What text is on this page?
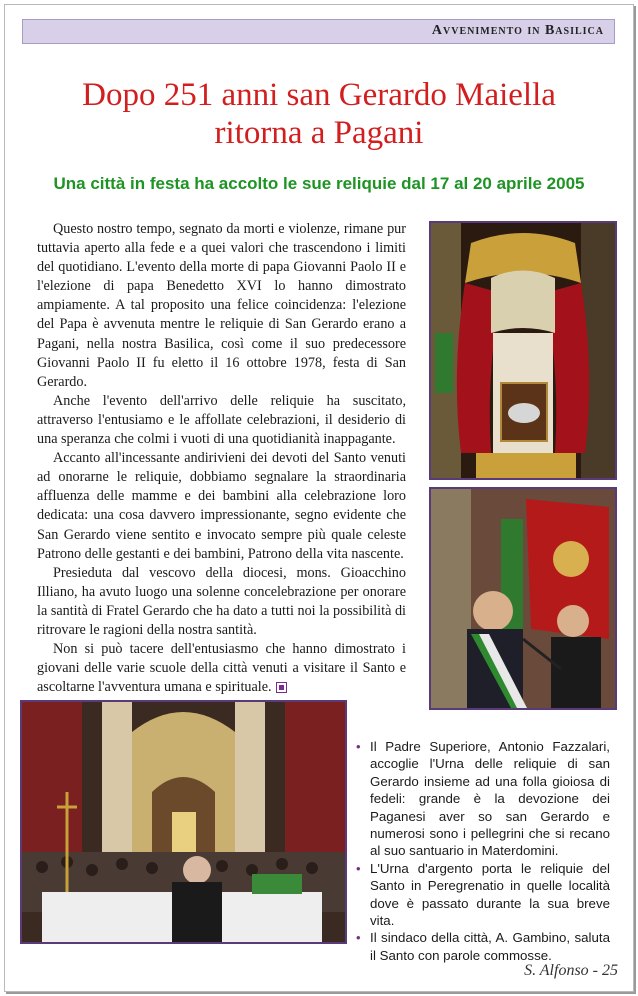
Avvenimento in Basilica
Dopo 251 anni san Gerardo Maiella
ritorna a Pagani
Una città in festa ha accolto le sue reliquie dal 17 al 20 aprile 2005

Questo nostro tempo, segnato da morti e violenze, rimane pur tuttavia aperto alla fede e a quei valori che trascendono i limiti del quotidiano. L'evento della morte di papa Giovanni Paolo II e l'elezione di papa Benedetto XVI lo hanno dimostrato ampiamente. A tal proposito una felice coincidenza: l'elezione del Papa è avvenuta mentre le reliquie di San Gerardo erano a Pagani, nella nostra Basilica, così come il suo predecessore Giovanni Paolo II fu eletto il 16 ottobre 1978, festa di San Gerardo.

Anche l'evento dell'arrivo delle reliquie ha suscitato, attraverso l'entusiamo e le affollate celebrazioni, il desiderio di una speranza che colmi i vuoti di una quotidianità inappagante.

Accanto all'incessante andirivieni dei devoti del Santo venuti ad onorarne le reliquie, dobbiamo segnalare la straordinaria affluenza delle mamme e dei bambini alla celebrazione loro dedicata: una cosa davvero impressionante, segno evidente che San Gerardo viene sentito e invocato sempre più quale celeste Patrono delle gestanti e dei bambini, Patrono della vita nascente.

Presieduta dal vescovo della diocesi, mons. Gioacchino Illiano, ha avuto luogo una solenne concelebrazione per onorare la santità di Fratel Gerardo che ha dato a tutti noi la possibilità di ritrovare le ragioni della nostra santità.

Non si può tacere dell'entusiasmo che hanno dimostrato i giovani delle varie scuole della città venuti a visitare il Santo e ascoltarne l'avventura umana e spirituale.

• Il Padre Superiore, Antonio Fazzalari, accoglie l'Urna delle reliquie di san Gerardo insieme ad una folla gioiosa di fedeli: grande è la devozione dei Paganesi aver so san Gerardo e numerosi sono i pellegrini che si recano al suo santuario in Materdomini.
• L'Urna d'argento porta le reliquie del Santo in Peregrenatio in quelle località dove è passato durante la sua breve vita.
• Il sindaco della città, A. Gambino, saluta il Santo con parole commosse.
S. Alfonso - 25
